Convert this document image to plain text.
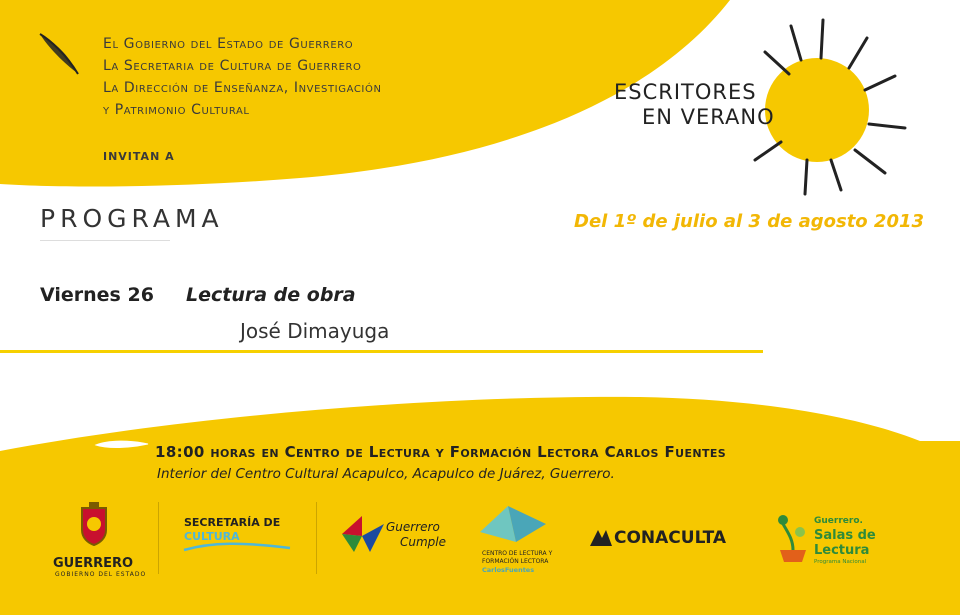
El Gobierno del Estado de Guerrero
La Secretaria de Cultura de Guerrero
La Dirección de Enseñanza, Investigación
y Patrimonio Cultural
INVITAN A
ESCRITORES
EN VERANO
PROGRAMA	Del 1º de julio al 3 de agosto 2013
Viernes 26 Lectura de obra
José Dimayuga
18:00 horas en Centro de Lectura y Formación Lectora Carlos Fuentes
Interior del Centro Cultural Acapulco, Acapulco de Juárez, Guerrero.
GUERRERO
GOBIERNO DEL ESTADO
SECRETARÍA DE
CULTURA
Guerrero
Cumple
CENTRO DE LECTURA Y
FORMACIÓN LECTORA
CarlosFuentes
CONACULTA
Guerrero.
Salas de
Lectura
Programa Nacional
